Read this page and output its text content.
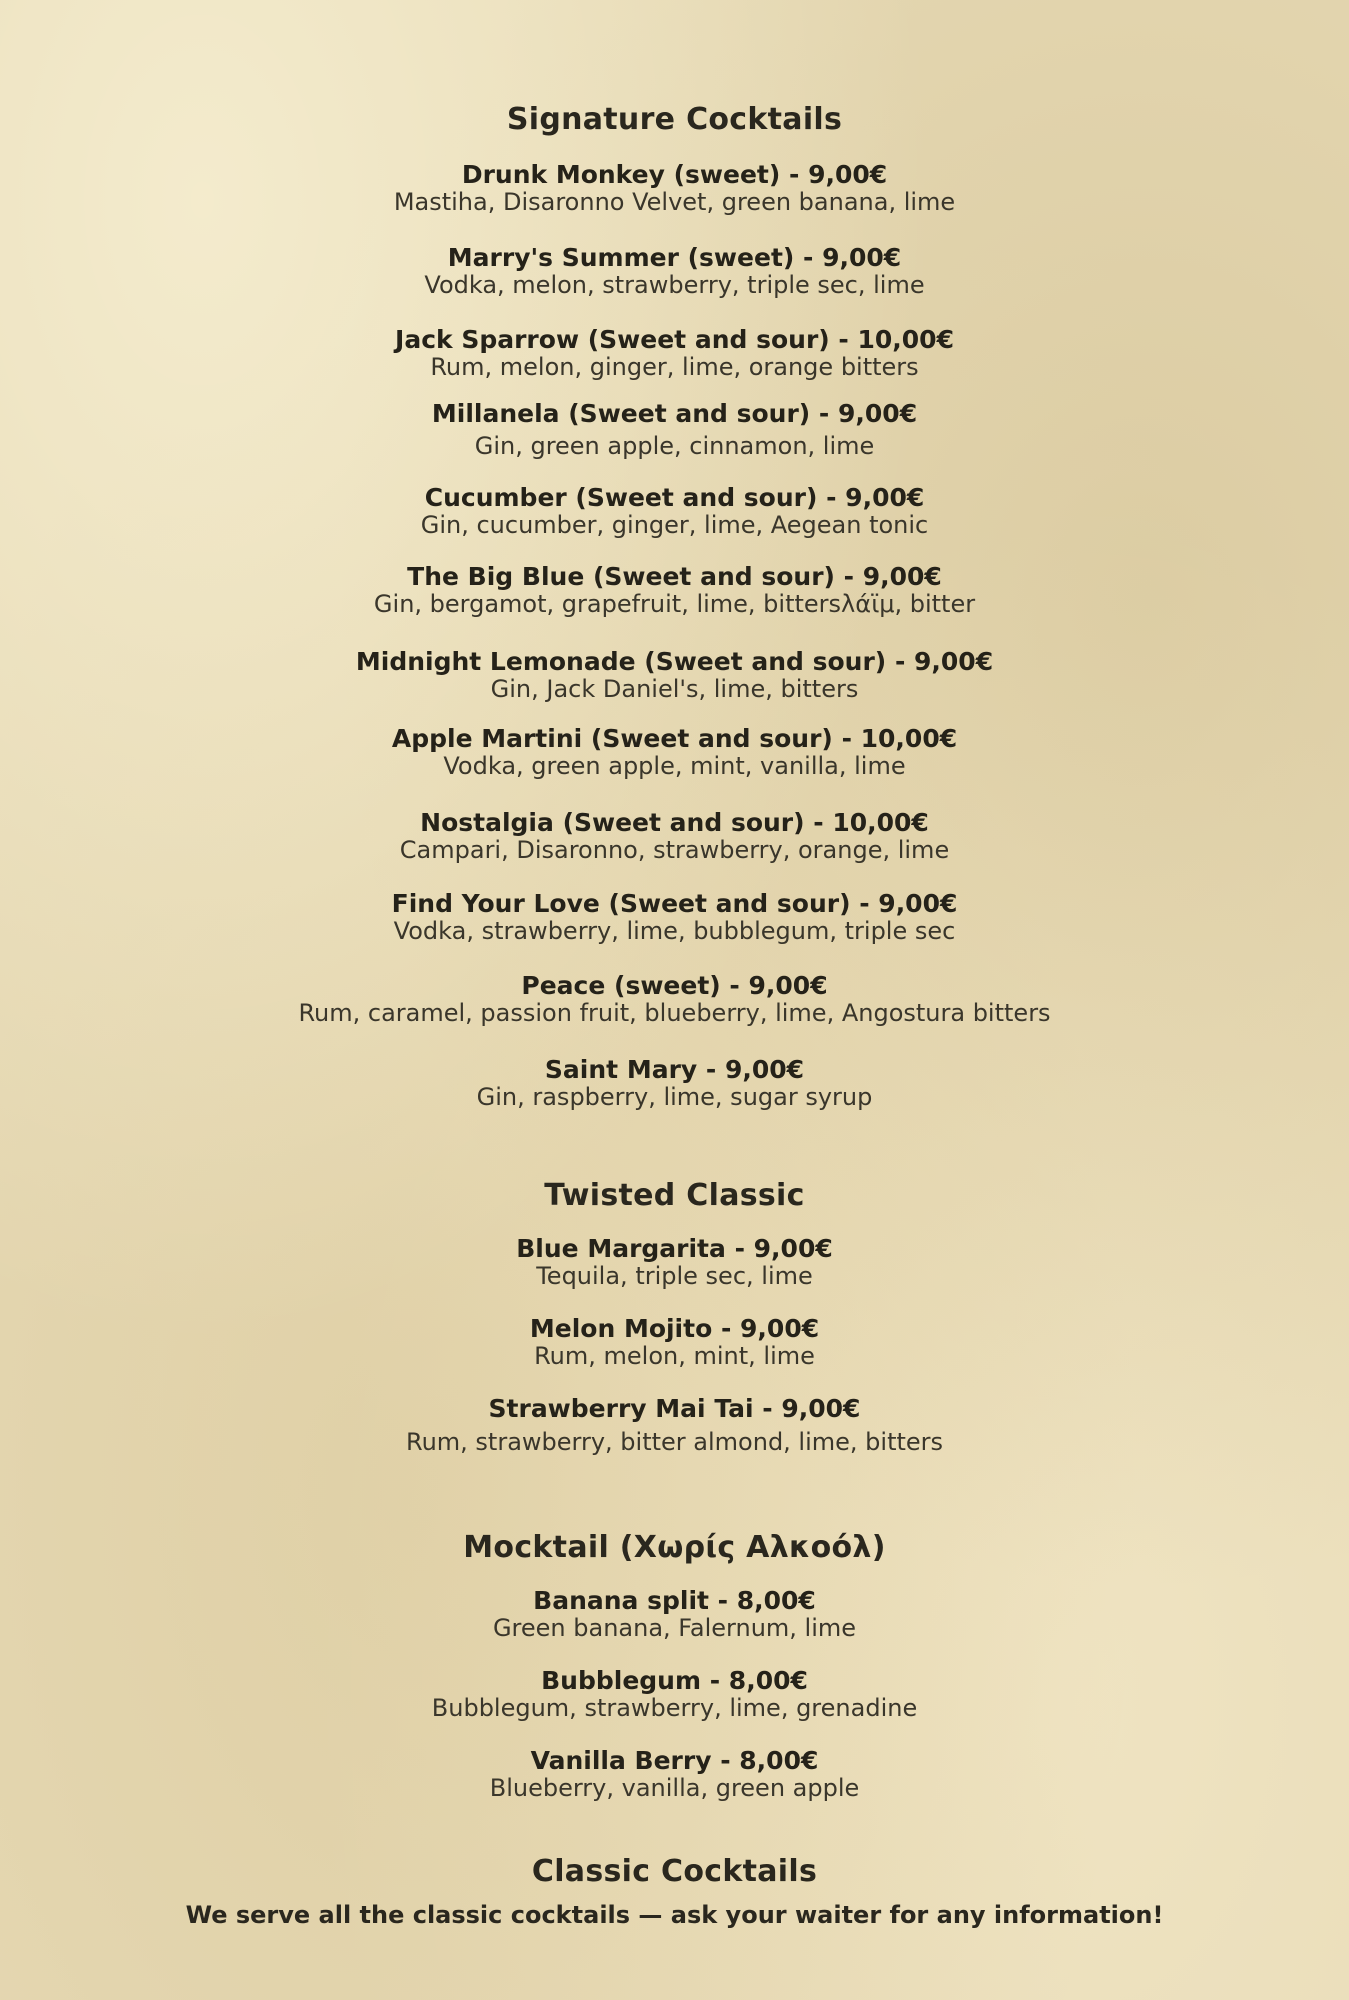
Signature Cocktails
Drunk Monkey (sweet) - 9,00€
Mastiha, Disaronno Velvet, green banana, lime
Marry's Summer (sweet) - 9,00€
Vodka, melon, strawberry, triple sec, lime
Jack Sparrow (Sweet and sour) - 10,00€
Rum, melon, ginger, lime, orange bitters
Millanela (Sweet and sour) - 9,00€
Gin, green apple, cinnamon, lime
Cucumber (Sweet and sour) - 9,00€
Gin, cucumber, ginger, lime, Aegean tonic
The Big Blue (Sweet and sour) - 9,00€
Gin, bergamot, grapefruit, lime, bittersλάϊμ, bitter
Midnight Lemonade (Sweet and sour) - 9,00€
Gin, Jack Daniel's, lime, bitters
Apple Martini (Sweet and sour) - 10,00€
Vodka, green apple, mint, vanilla, lime
Nostalgia (Sweet and sour) - 10,00€
Campari, Disaronno, strawberry, orange, lime
Find Your Love (Sweet and sour) - 9,00€
Vodka, strawberry, lime, bubblegum, triple sec
Peace (sweet) - 9,00€
Rum, caramel, passion fruit, blueberry, lime, Angostura bitters
Saint Mary - 9,00€
Gin, raspberry, lime, sugar syrup
Twisted Classic
Blue Margarita - 9,00€
Tequila, triple sec, lime
Melon Mojito - 9,00€
Rum, melon, mint, lime
Strawberry Mai Tai - 9,00€
Rum, strawberry, bitter almond, lime, bitters
Mocktail (Χωρίς Αλκοόλ)
Banana split - 8,00€
Green banana, Falernum, lime
Bubblegum - 8,00€
Bubblegum, strawberry, lime, grenadine
Vanilla Berry - 8,00€
Blueberry, vanilla, green apple
Classic Cocktails
We serve all the classic cocktails — ask your waiter for any information!
